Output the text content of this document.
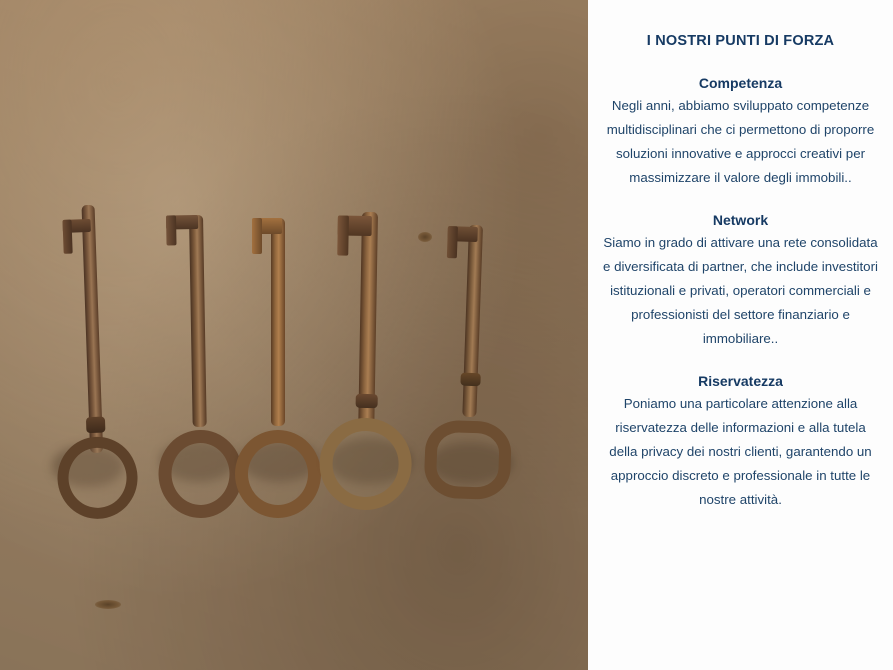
I NOSTRI PUNTI DI FORZA
Competenza
Negli anni, abbiamo sviluppato competenze multidisciplinari che ci permettono di proporre soluzioni innovative e approcci creativi per massimizzare il valore degli immobili..
Network
Siamo in grado di attivare una rete consolidata e diversificata di partner, che include investitori istituzionali e privati, operatori commerciali e professionisti del settore finanziario e immobiliare..
Riservatezza
Poniamo una particolare attenzione alla riservatezza delle informazioni e alla tutela della privacy dei nostri clienti, garantendo un approccio discreto e professionale in tutte le nostre attività.
